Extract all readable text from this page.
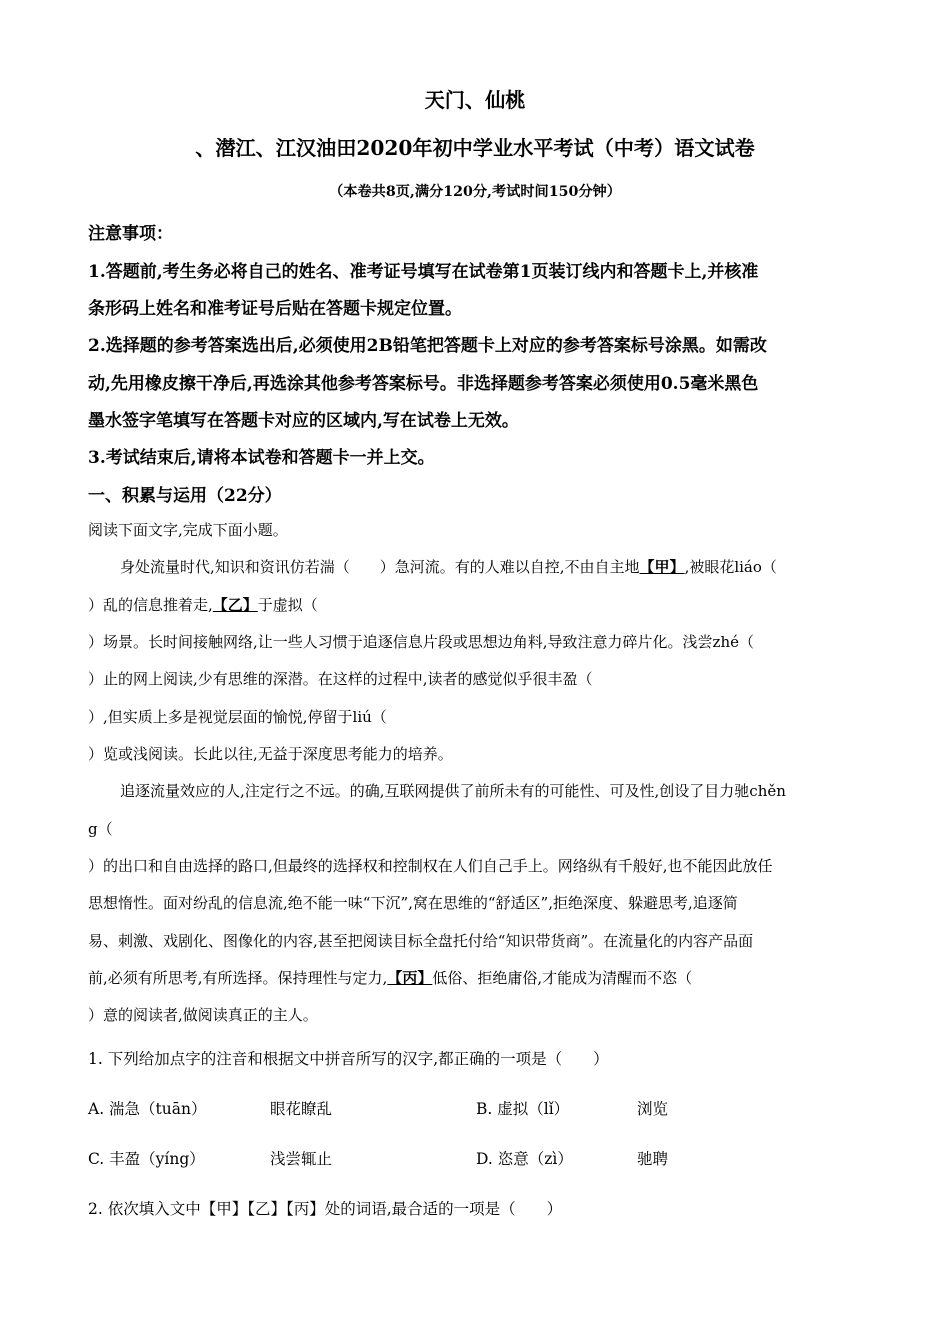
天门、仙桃
、潜江、江汉油田2020年初中学业水平考试（中考）语文试卷
（本卷共8页,满分120分,考试时间150分钟）
注意事项：
1.答题前,考生务必将自己的姓名、准考证号填写在试卷第1页装订线内和答题卡上,并核准
条形码上姓名和准考证号后贴在答题卡规定位置。
2.选择题的参考答案选出后,必须使用2B铅笔把答题卡上对应的参考答案标号涂黑。如需改
动,先用橡皮擦干净后,再选涂其他参考答案标号。非选择题参考答案必须使用0.5毫米黑色
墨水签字笔填写在答题卡对应的区域内,写在试卷上无效。
3.考试结束后,请将本试卷和答题卡一并上交。
一、积累与运用（22分）
阅读下面文字,完成下面小题。
身处流量时代,知识和资讯仿若湍（　　）急河流。有的人难以自控,不由自主地【甲】,被眼花liáo（
）乱的信息推着走,【乙】于虚拟（
）场景。长时间接触网络,让一些人习惯于追逐信息片段或思想边角料,导致注意力碎片化。浅尝zhé（
）止的网上阅读,少有思维的深潜。在这样的过程中,读者的感觉似乎很丰盈（
）,但实质上多是视觉层面的愉悦,停留于liú（
）览或浅阅读。长此以往,无益于深度思考能力的培养。
追逐流量效应的人,注定行之不远。的确,互联网提供了前所未有的可能性、可及性,创设了目力驰chěn
g（
）的出口和自由选择的路口,但最终的选择权和控制权在人们自己手上。网络纵有千般好,也不能因此放任
思想惰性。面对纷乱的信息流,绝不能一味“下沉”,窝在思维的“舒适区”,拒绝深度、躲避思考,追逐简
易、刺激、戏剧化、图像化的内容,甚至把阅读目标全盘托付给“知识带货商”。在流量化的内容产品面
前,必须有所思考,有所选择。保持理性与定力,【丙】低俗、拒绝庸俗,才能成为清醒而不恣（
）意的阅读者,做阅读真正的主人。
1. 下列给加点字的注音和根据文中拼音所写的汉字,都正确的一项是（　　）
A. 湍急（tuān）	眼花瞭乱	B. 虚拟（lǐ）	浏览
C. 丰盈（yíng）	浅尝辄止	D. 恣意（zì）	驰聘
2. 依次填入文中【甲】【乙】【丙】处的词语,最合适的一项是（　　）
